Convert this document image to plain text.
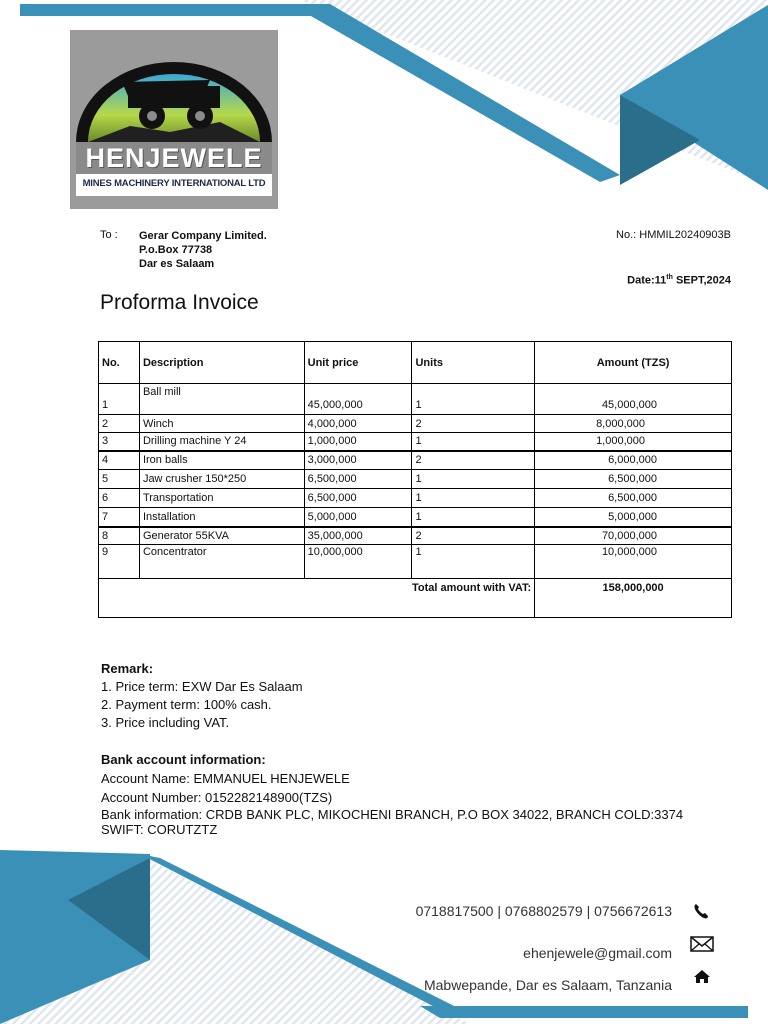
HENJEWELE
MINES MACHINERY INTERNATIONAL LTD
To : Gerar Company Limited.
P.o.Box 77738
Dar es Salaam
No.: HMMIL20240903B
Date:11th SEPT,2024
Proforma Invoice
No.	Description	Unit price	Units	Amount (TZS)
1	Ball mill	45,000,000	1	45,000,000
2	Winch	4,000,000	2	8,000,000
3	Drilling machine Y 24	1,000,000	1	1,000,000
4	Iron balls	3,000,000	2	6,000,000
5	Jaw crusher 150*250	6,500,000	1	6,500,000
6	Transportation	6,500,000	1	6,500,000
7	Installation	5,000,000	1	5,000,000
8	Generator 55KVA	35,000,000	2	70,000,000
9	Concentrator	10,000,000	1	10,000,000
Total amount with VAT:				158,000,000
Remark:
1. Price term: EXW Dar Es Salaam
2. Payment term: 100% cash.
3. Price including VAT.
Bank account information:
Account Name: EMMANUEL HENJEWELE
Account Number: 0152282148900(TZS)
Bank information: CRDB BANK PLC, MIKOCHENI BRANCH, P.O BOX 34022, BRANCH COLD:3374
SWIFT: CORUTZTZ
0718817500 | 0768802579 | 0756672613
ehenjewele@gmail.com
Mabwepande, Dar es Salaam, Tanzania
